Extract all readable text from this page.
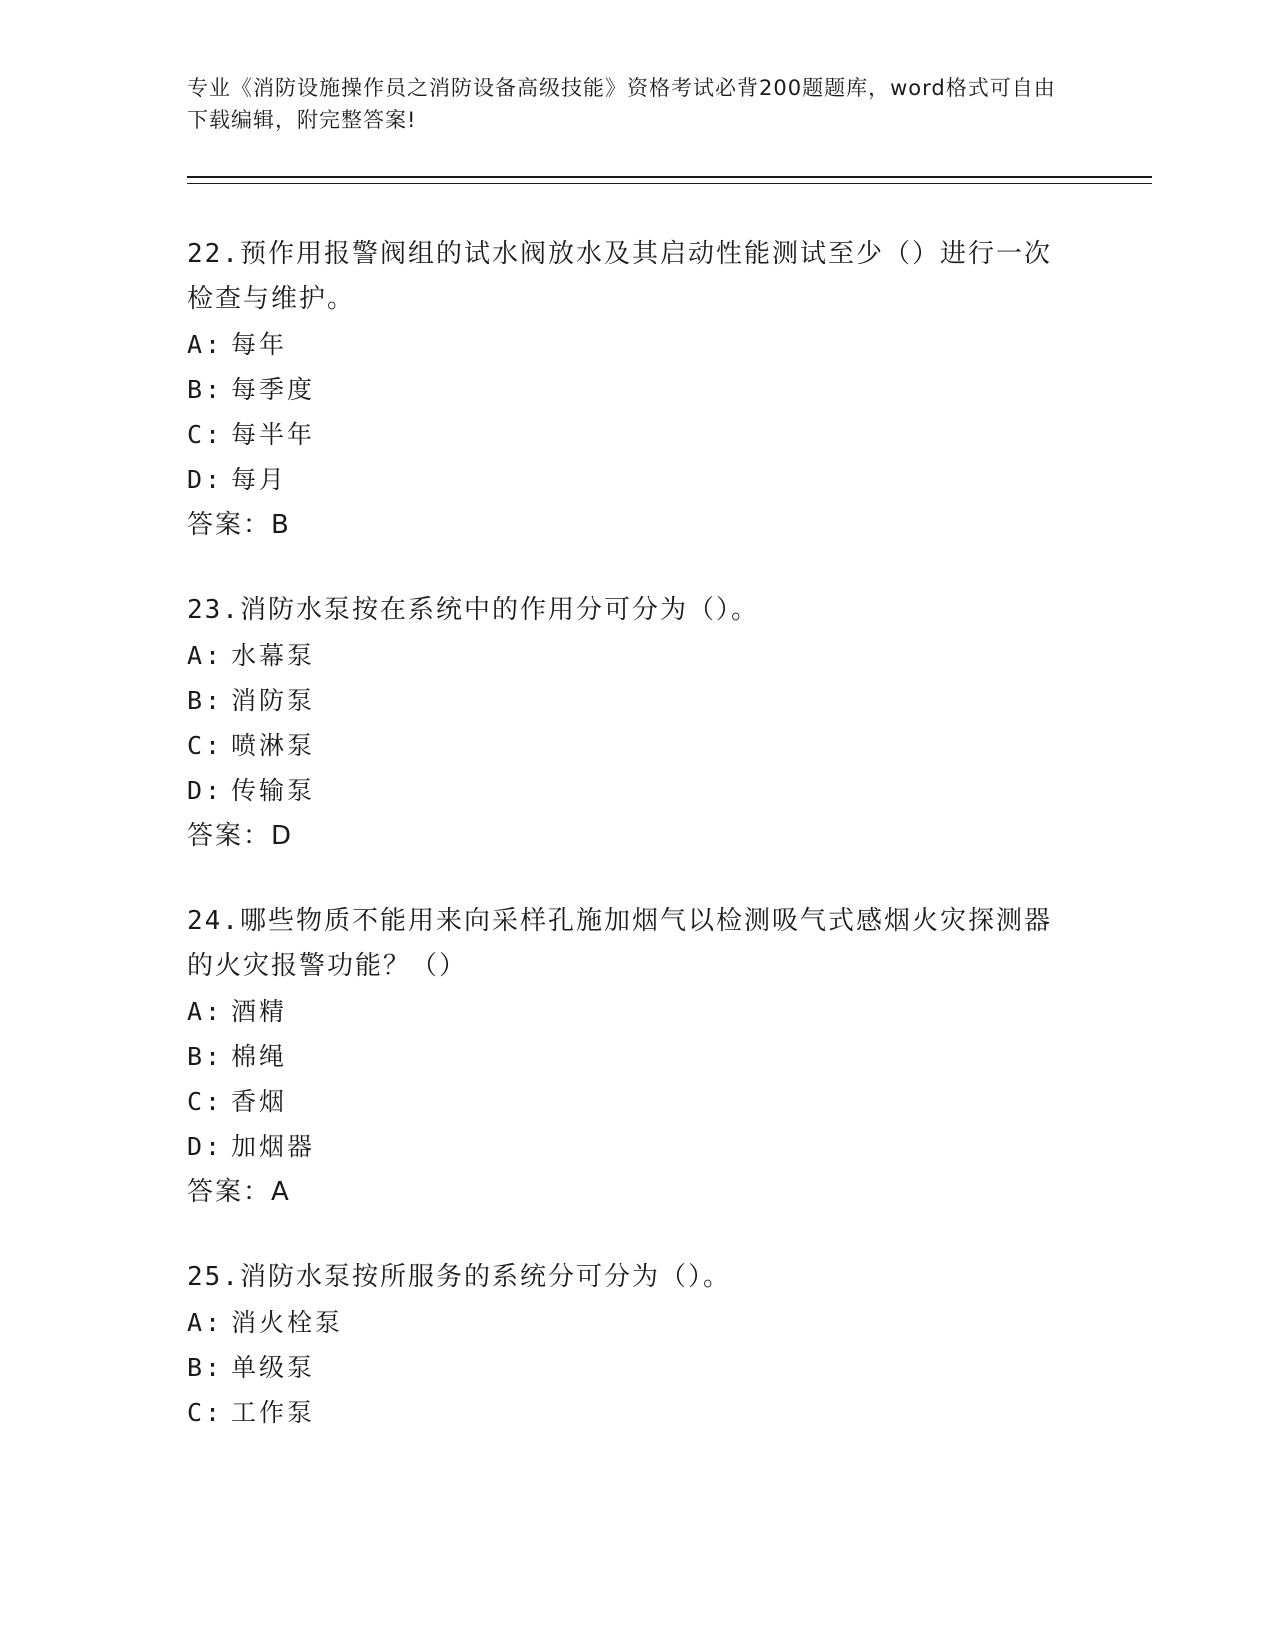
专业《消防设施操作员之消防设备高级技能》资格考试必背200题题库，word格式可自由下载编辑，附完整答案!

22.预作用报警阀组的试水阀放水及其启动性能测试至少（）进行一次检查与维护。

A: 每年

B: 每季度

C: 每半年

D: 每月

答案：B

23.消防水泵按在系统中的作用分可分为（）。

A: 水幕泵

B: 消防泵

C: 喷淋泵

D: 传输泵

答案：D

24.哪些物质不能用来向采样孔施加烟气以检测吸气式感烟火灾探测器的火灾报警功能？（）

A: 酒精

B: 棉绳

C: 香烟

D: 加烟器

答案：A

25.消防水泵按所服务的系统分可分为（）。

A: 消火栓泵

B: 单级泵

C: 工作泵
